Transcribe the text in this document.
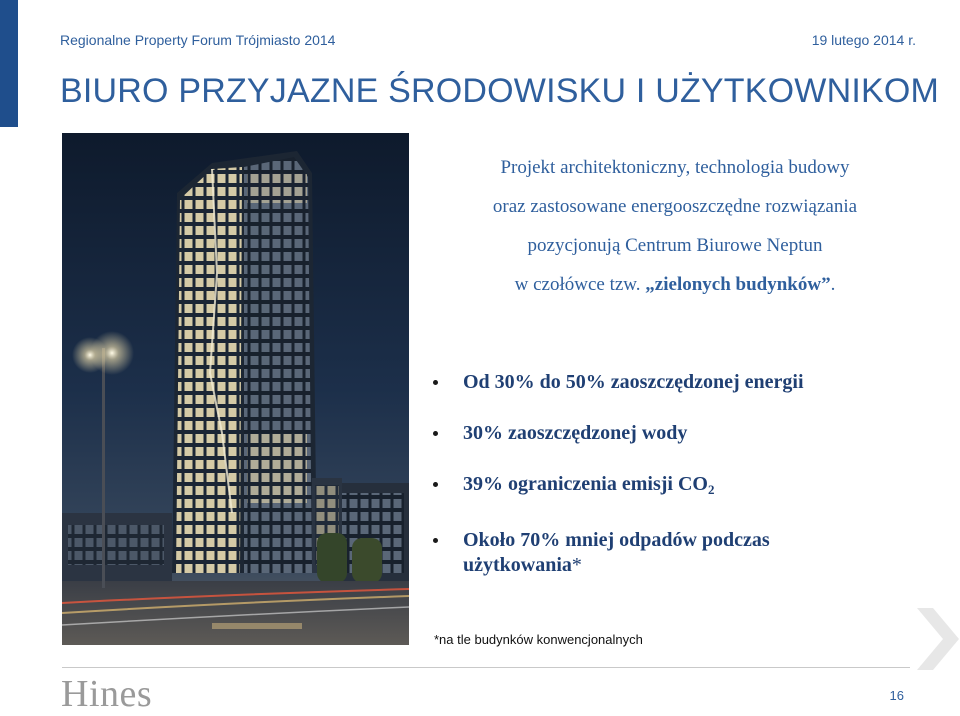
Regionalne Property Forum Trójmiasto 2014	19 lutego 2014 r.
BIURO PRZYJAZNE ŚRODOWISKU I UŻYTKOWNIKOM
Projekt architektoniczny, technologia budowy
oraz zastosowane energooszczędne rozwiązania
pozycjonują Centrum Biurowe Neptun
w czołówce tzw. „zielonych budynków”.
Od 30% do 50% zaoszczędzonej energii
30% zaoszczędzonej wody
39% ograniczenia emisji $CO_2$
Około 70% mniej odpadów podczas
użytkowania*
*na tle budynków konwencjonalnych
Hines	16
